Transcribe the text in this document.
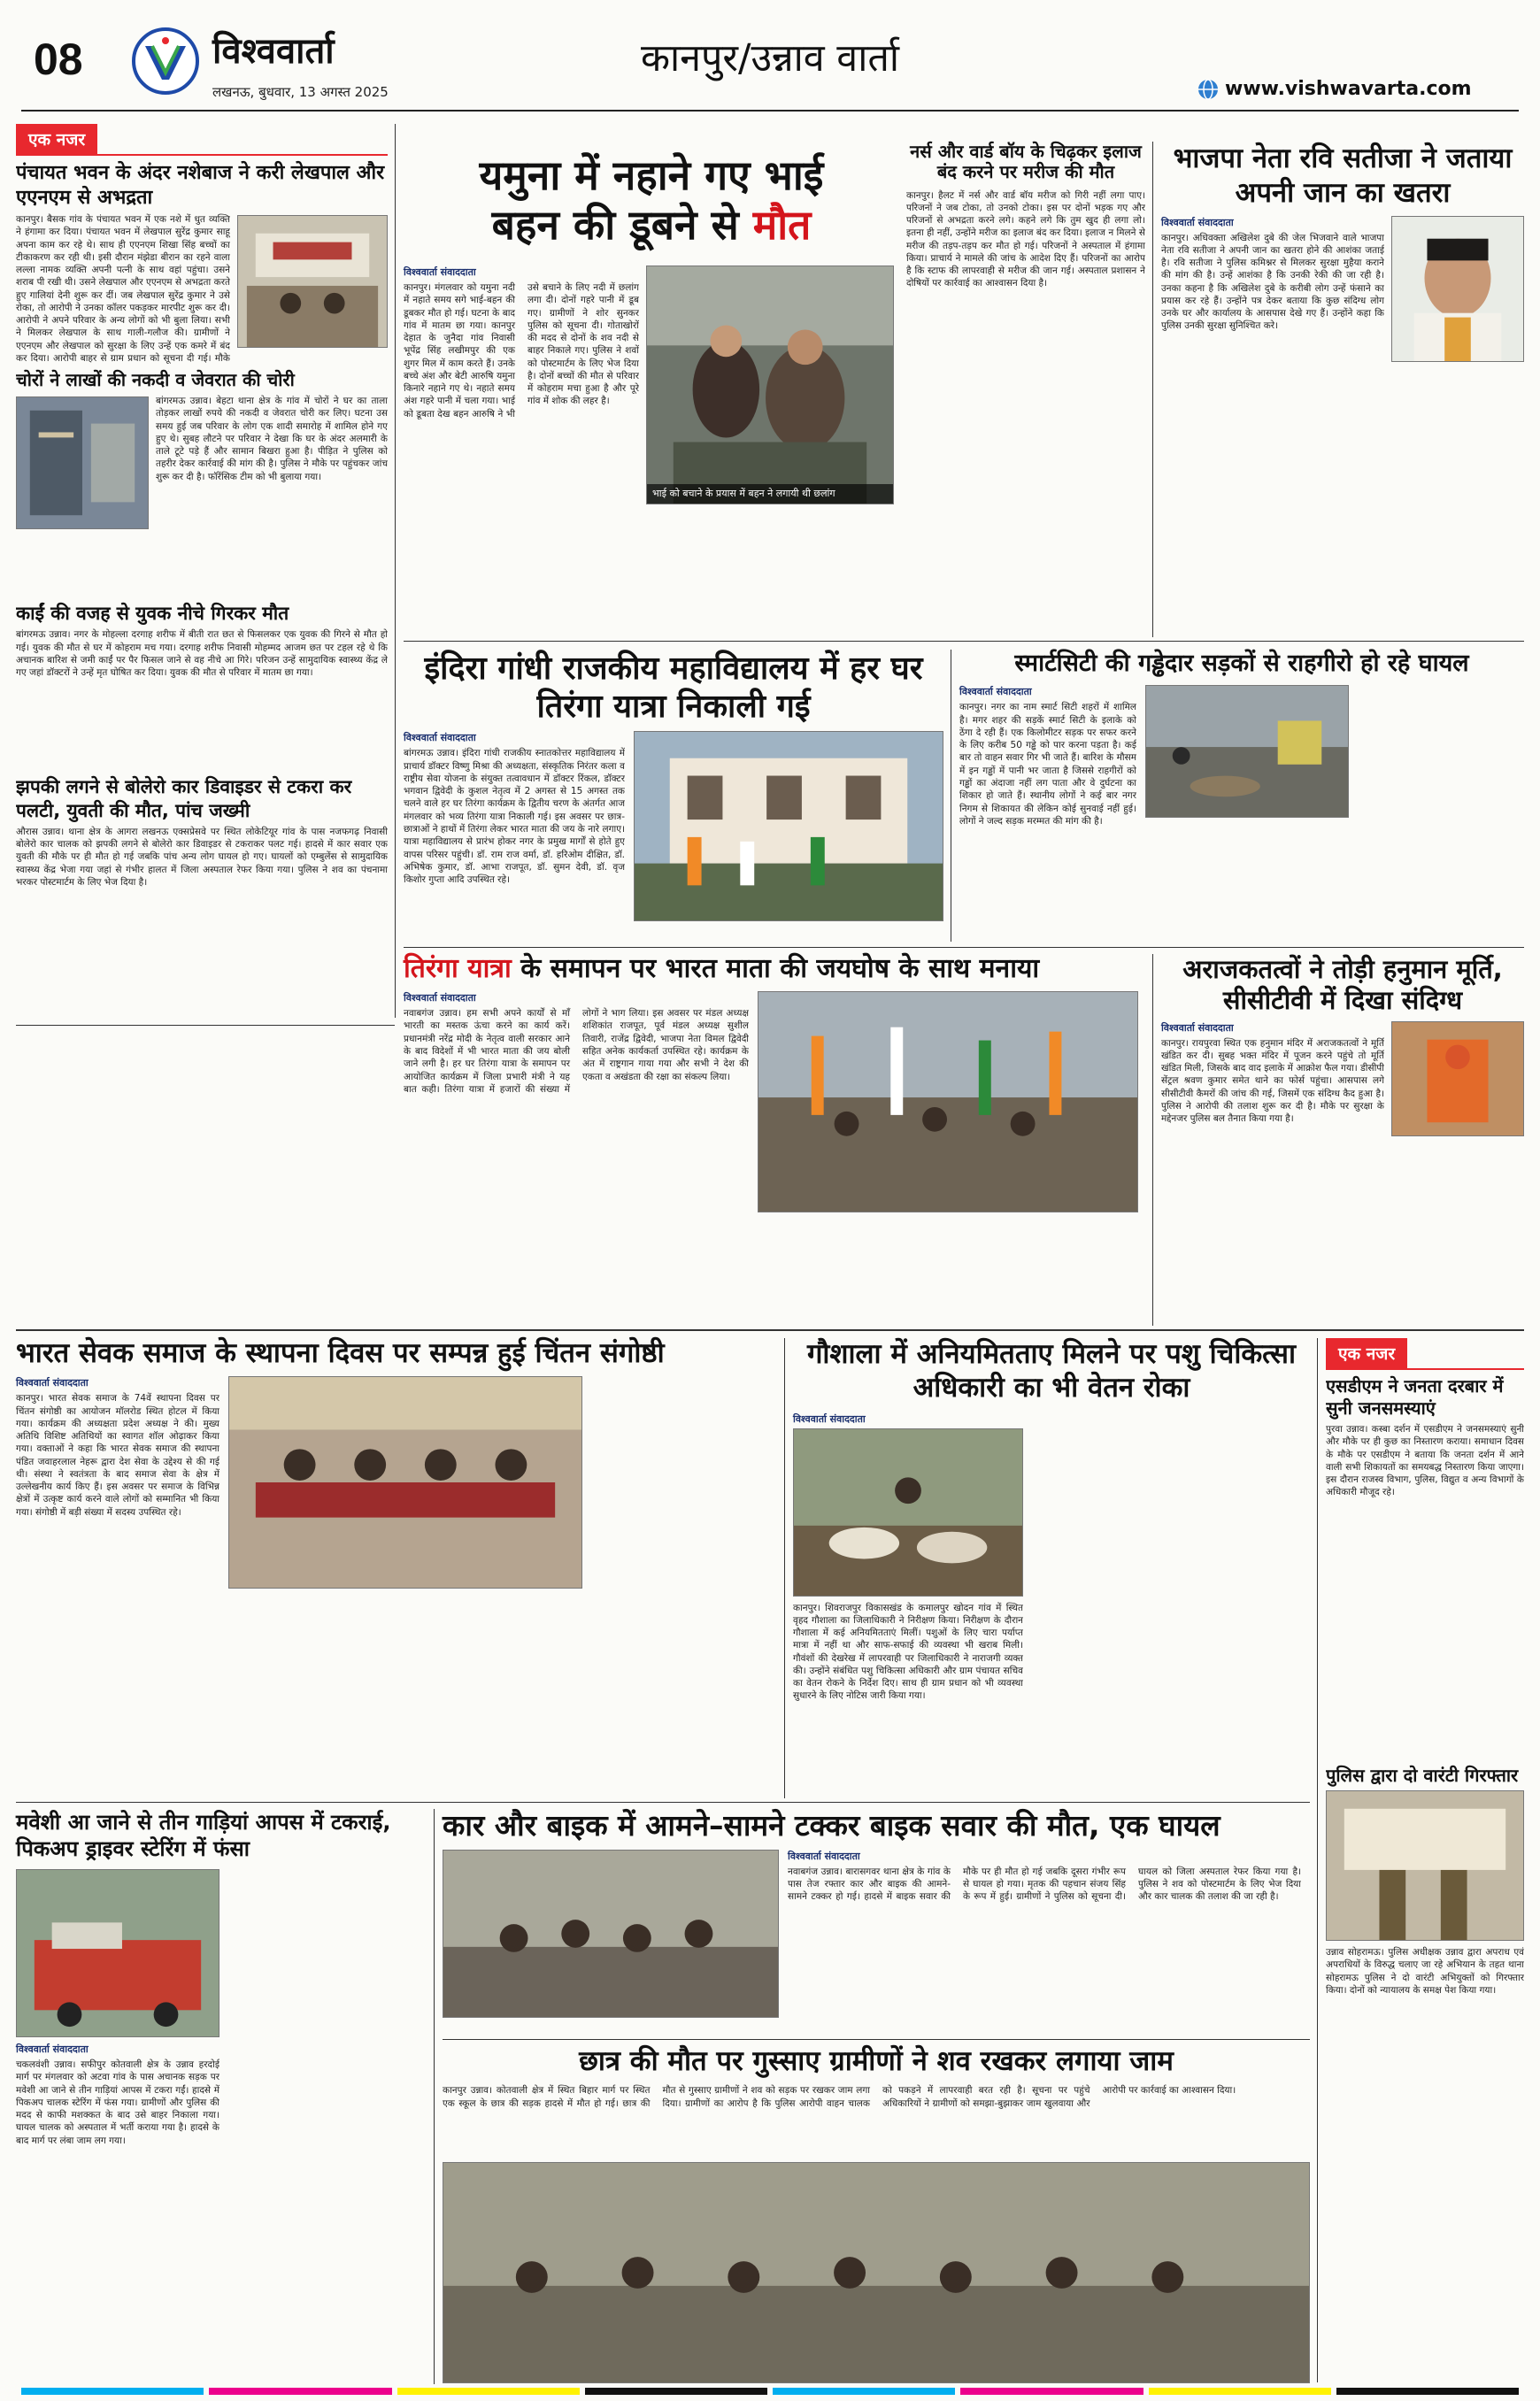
08	विश्ववार्ता
लखनऊ, बुधवार, 13 अगस्त 2025
कानपुर/उन्नाव वार्ता
www.vishwavarta.com
एक नजर
पंचायत भवन के अंदर नशेबाज ने करी लेखपाल और एएनएम से अभद्रता
कानपुर। बैसक गांव के पंचायत भवन में एक नशे में धुत व्यक्ति ने हंगामा कर दिया। पंचायत भवन में लेखपाल सुरेंद्र कुमार साहू अपना काम कर रहे थे। साथ ही एएनएम शिखा सिंह बच्चों का टीकाकरण कर रही थी। इसी दौरान मंझेडा बीरान का रहने वाला लल्ला नामक व्यक्ति अपनी पत्नी के साथ वहां पहुंचा। उसने शराब पी रखी थी। उसने लेखपाल और एएनएम से अभद्रता करते हुए गालियां देनी शुरू कर दीं। जब लेखपाल सुरेंद्र कुमार ने उसे रोका, तो आरोपी ने उनका कॉलर पकड़कर मारपीट शुरू कर दी। आरोपी ने अपने परिवार के अन्य लोगों को भी बुला लिया। सभी ने मिलकर लेखपाल के साथ गाली-गलौज की। ग्रामीणों ने एएनएम और लेखपाल को सुरक्षा के लिए उन्हें एक कमरे में बंद कर दिया। आरोपी बाहर से ग्राम प्रधान को सूचना दी गई। मौके
चोरों ने लाखों की नकदी व जेवरात की चोरी
बांगरमऊ उन्नाव। बेहटा थाना क्षेत्र के गांव में चोरों ने घर का ताला तोड़कर लाखों रुपये की नकदी व जेवरात चोरी कर लिए। घटना उस समय हुई जब परिवार के लोग एक शादी समारोह में शामिल होने गए हुए थे। सुबह लौटने पर परिवार ने देखा कि घर के अंदर अलमारी के ताले टूटे पड़े हैं और सामान बिखरा हुआ है। पीड़ित ने पुलिस को तहरीर देकर कार्रवाई की मांग की है। पुलिस ने मौके पर पहुंचकर जांच शुरू कर दी है। फॉरेंसिक टीम को भी बुलाया गया।
काईं की वजह से युवक नीचे गिरकर मौत
बांगरमऊ उन्नाव। नगर के मोहल्ला दरगाह शरीफ में बीती रात छत से फिसलकर एक युवक की गिरने से मौत हो गई। युवक की मौत से घर में कोहराम मच गया। दरगाह शरीफ निवासी मोहम्मद आजम छत पर टहल रहे थे कि अचानक बारिश से जमी काईं पर पैर फिसल जाने से वह नीचे आ गिरे। परिजन उन्हें सामुदायिक स्वास्थ्य केंद्र ले गए जहां डॉक्टरों ने उन्हें मृत घोषित कर दिया। युवक की मौत से परिवार में मातम छा गया।
झपकी लगने से बोलेरो कार डिवाइडर से टकरा कर पलटी, युवती की मौत, पांच जख्मी
औरास उन्नाव। थाना क्षेत्र के आगरा लखनऊ एक्सप्रेसवे पर स्थित लोकेटियूर गांव के पास नजफगढ़ निवासी बोलेरो कार चालक को झपकी लगने से बोलेरो कार डिवाइडर से टकराकर पलट गई। हादसे में कार सवार एक युवती की मौके पर ही मौत हो गई जबकि पांच अन्य लोग घायल हो गए। घायलों को एम्बुलेंस से सामुदायिक स्वास्थ्य केंद्र भेजा गया जहां से गंभीर हालत में जिला अस्पताल रेफर किया गया। पुलिस ने शव का पंचनामा भरकर पोस्टमार्टम के लिए भेज दिया है।
यमुना में नहाने गए भाई
बहन की डूबने से मौत
भाई को बचाने के प्रयास में बहन ने लगायी थी छलांग
विश्ववार्ता संवाददाता
कानपुर। मंगलवार को यमुना नदी में नहाते समय सगे भाई-बहन की डूबकर मौत हो गई। घटना के बाद गांव में मातम छा गया। कानपुर देहात के जुनैदा गांव निवासी भूपेंद्र सिंह लखीमपुर की एक शुगर मिल में काम करते हैं। उनके बच्चे अंश और बेटी आरुषि यमुना किनारे नहाने गए थे। नहाते समय अंश गहरे पानी में चला गया। भाई को डूबता देख बहन आरुषि ने भी उसे बचाने के लिए नदी में छलांग लगा दी। दोनों गहरे पानी में डूब गए। ग्रामीणों ने शोर सुनकर पुलिस को सूचना दी। गोताखोरों की मदद से दोनों के शव नदी से बाहर निकाले गए। पुलिस ने शवों को पोस्टमार्टम के लिए भेज दिया है। दोनों बच्चों की मौत से परिवार में कोहराम मचा हुआ है और पूरे गांव में शोक की लहर है।
नर्स और वार्ड बॉय के चिढ़कर इलाज बंद करने पर मरीज की मौत
कानपुर। हैलट में नर्स और वार्ड बॉय मरीज को गिरी नहीं लगा पाए। परिजनों ने जब टोका, तो उनको टोका। इस पर दोनों भड़क गए और परिजनों से अभद्रता करने लगे। कहने लगे कि तुम खुद ही लगा लो। इतना ही नहीं, उन्होंने मरीज का इलाज बंद कर दिया। इलाज न मिलने से मरीज की तड़प-तड़प कर मौत हो गई। परिजनों ने अस्पताल में हंगामा किया। प्राचार्य ने मामले की जांच के आदेश दिए हैं। परिजनों का आरोप है कि स्टाफ की लापरवाही से मरीज की जान गई। अस्पताल प्रशासन ने दोषियों पर कार्रवाई का आश्वासन दिया है।
भाजपा नेता रवि सतीजा ने जताया अपनी जान का खतरा
विश्ववार्ता संवाददाता
कानपुर। अधिवक्ता अखिलेश दुबे की जेल भिजवाने वाले भाजपा नेता रवि सतीजा ने अपनी जान का खतरा होने की आशंका जताई है। रवि सतीजा ने पुलिस कमिश्नर से मिलकर सुरक्षा मुहैया कराने की मांग की है। उन्हें आशंका है कि उनकी रेकी की जा रही है। उनका कहना है कि अखिलेश दुबे के करीबी लोग उन्हें फंसाने का प्रयास कर रहे हैं। उन्होंने पत्र देकर बताया कि कुछ संदिग्ध लोग उनके घर और कार्यालय के आसपास देखे गए हैं। उन्होंने कहा कि पुलिस उनकी सुरक्षा सुनिश्चित करे।
इंदिरा गांधी राजकीय महाविद्यालय में हर घर तिरंगा यात्रा निकाली गई
विश्ववार्ता संवाददाता
बांगरमऊ उन्नाव। इंदिरा गांधी राजकीय स्नातकोत्तर महाविद्यालय में प्राचार्य डॉक्टर विष्णु मिश्रा की अध्यक्षता, संस्कृतिक निरंतर कला व राष्ट्रीय सेवा योजना के संयुक्त तत्वावधान में डॉक्टर रिंकल, डॉक्टर भगवान द्विवेदी के कुशल नेतृत्व में 2 अगस्त से 15 अगस्त तक चलने वाले हर घर तिरंगा कार्यक्रम के द्वितीय चरण के अंतर्गत आज मंगलवार को भव्य तिरंगा यात्रा निकाली गई। इस अवसर पर छात्र-छात्राओं ने हाथों में तिरंगा लेकर भारत माता की जय के नारे लगाए। यात्रा महाविद्यालय से प्रारंभ होकर नगर के प्रमुख मार्गों से होते हुए वापस परिसर पहुंची। डॉ. राम राज वर्मा, डॉ. हरिओम दीक्षित, डॉ. अभिषेक कुमार, डॉ. आभा राजपूत, डॉ. सुमन देवी, डॉ. वृज किशोर गुप्ता आदि उपस्थित रहे।
स्मार्टसिटी की गड्ढेदार सड़कों से राहगीरो हो रहे घायल
विश्ववार्ता संवाददाता
कानपुर। नगर का नाम स्मार्ट सिटी शहरों में शामिल है। मगर शहर की सड़कें स्मार्ट सिटी के इलाके को ठेंगा दे रही हैं। एक किलोमीटर सड़क पर सफर करने के लिए करीब 50 गड्ढे को पार करना पड़ता है। कई बार तो वाहन सवार गिर भी जाते हैं। बारिश के मौसम में इन गड्ढों में पानी भर जाता है जिससे राहगीरों को गड्ढों का अंदाजा नहीं लग पाता और वे दुर्घटना का शिकार हो जाते हैं। स्थानीय लोगों ने कई बार नगर निगम से शिकायत की लेकिन कोई सुनवाई नहीं हुई। लोगों ने जल्द सड़क मरम्मत की मांग की है।
तिरंगा यात्रा के समापन पर भारत माता की जयघोष के साथ मनाया
विश्ववार्ता संवाददाता
नवाबगंज उन्नाव। हम सभी अपने कार्यों से माँ भारती का मस्तक ऊंचा करने का कार्य करें। प्रधानमंत्री नरेंद्र मोदी के नेतृत्व वाली सरकार आने के बाद विदेशों में भी भारत माता की जय बोली जाने लगी है। हर घर तिरंगा यात्रा के समापन पर आयोजित कार्यक्रम में जिला प्रभारी मंत्री ने यह बात कही। तिरंगा यात्रा में हजारों की संख्या में लोगों ने भाग लिया। इस अवसर पर मंडल अध्यक्ष शशिकांत राजपूत, पूर्व मंडल अध्यक्ष सुशील तिवारी, राजेंद्र द्विवेदी, भाजपा नेता विमल द्विवेदी सहित अनेक कार्यकर्ता उपस्थित रहे। कार्यक्रम के अंत में राष्ट्रगान गाया गया और सभी ने देश की एकता व अखंडता की रक्षा का संकल्प लिया।
अराजकतत्वों ने तोड़ी हनुमान मूर्ति, सीसीटीवी में दिखा संदिग्ध
विश्ववार्ता संवाददाता
कानपुर। रायपुरवा स्थित एक हनुमान मंदिर में अराजकतत्वों ने मूर्ति खंडित कर दी। सुबह भक्त मंदिर में पूजन करने पहुंचे तो मूर्ति खंडित मिली, जिसके बाद वाद इलाके में आक्रोश फैल गया। डीसीपी सेंट्रल श्रवण कुमार समेत थाने का फोर्स पहुंचा। आसपास लगे सीसीटीवी कैमरों की जांच की गई, जिसमें एक संदिग्ध कैद हुआ है। पुलिस ने आरोपी की तलाश शुरू कर दी है। मौके पर सुरक्षा के मद्देनजर पुलिस बल तैनात किया गया है।
भारत सेवक समाज के स्थापना दिवस पर सम्पन्न हुई चिंतन संगोष्ठी
विश्ववार्ता संवाददाता
कानपुर। भारत सेवक समाज के 74वें स्थापना दिवस पर चिंतन संगोष्ठी का आयोजन मॉलरोड स्थित होटल में किया गया। कार्यक्रम की अध्यक्षता प्रदेश अध्यक्ष ने की। मुख्य अतिथि विशिष्ट अतिथियों का स्वागत शॉल ओढ़ाकर किया गया। वक्ताओं ने कहा कि भारत सेवक समाज की स्थापना पंडित जवाहरलाल नेहरू द्वारा देश सेवा के उद्देश्य से की गई थी। संस्था ने स्वतंत्रता के बाद समाज सेवा के क्षेत्र में उल्लेखनीय कार्य किए हैं। इस अवसर पर समाज के विभिन्न क्षेत्रों में उत्कृष्ट कार्य करने वाले लोगों को सम्मानित भी किया गया। संगोष्ठी में बड़ी संख्या में सदस्य उपस्थित रहे।
गौशाला में अनियमितताए मिलने पर पशु चिकित्सा अधिकारी का भी वेतन रोका
विश्ववार्ता संवाददाता
कानपुर। शिवराजपुर विकासखंड के कमालपुर खोदन गांव में स्थित वृहद गौशाला का जिलाधिकारी ने निरीक्षण किया। निरीक्षण के दौरान गौशाला में कई अनियमितताएं मिलीं। पशुओं के लिए चारा पर्याप्त मात्रा में नहीं था और साफ-सफाई की व्यवस्था भी खराब मिली। गौवंशों की देखरेख में लापरवाही पर जिलाधिकारी ने नाराजगी व्यक्त की। उन्होंने संबंधित पशु चिकित्सा अधिकारी और ग्राम पंचायत सचिव का वेतन रोकने के निर्देश दिए। साथ ही ग्राम प्रधान को भी व्यवस्था सुधारने के लिए नोटिस जारी किया गया।
एक नजर
एसडीएम ने जनता दरबार में सुनी जनसमस्याएं
पुरवा उन्नाव। कस्बा दर्शन में एसडीएम ने जनसमस्याएं सुनी और मौके पर ही कुछ का निस्तारण कराया। समाधान दिवस के मौके पर एसडीएम ने बताया कि जनता दर्शन में आने वाली सभी शिकायतों का समयबद्ध निस्तारण किया जाएगा। इस दौरान राजस्व विभाग, पुलिस, विद्युत व अन्य विभागों के अधिकारी मौजूद रहे।
पुलिस द्वारा दो वारंटी गिरफ्तार
उन्नाव सोहरामऊ। पुलिस अधीक्षक उन्नाव द्वारा अपराध एवं अपराधियों के विरुद्ध चलाए जा रहे अभियान के तहत थाना सोहरामऊ पुलिस ने दो वारंटी अभियुक्तों को गिरफ्तार किया। दोनों को न्यायालय के समक्ष पेश किया गया।
मवेशी आ जाने से तीन गाड़ियां आपस में टकराई, पिकअप ड्राइवर स्टेरिंग में फंसा
विश्ववार्ता संवाददाता
चकलवंशी उन्नाव। सफीपुर कोतवाली क्षेत्र के उन्नाव हरदोई मार्ग पर मंगलवार को अटवा गांव के पास अचानक सड़क पर मवेशी आ जाने से तीन गाड़ियां आपस में टकरा गईं। हादसे में पिकअप चालक स्टेरिंग में फंस गया। ग्रामीणों और पुलिस की मदद से काफी मशक्कत के बाद उसे बाहर निकाला गया। घायल चालक को अस्पताल में भर्ती कराया गया है। हादसे के बाद मार्ग पर लंबा जाम लग गया।
कार और बाइक में आमने–सामने टक्कर बाइक सवार की मौत, एक घायल
विश्ववार्ता संवाददाता
नवाबगंज उन्नाव। बारासगवर थाना क्षेत्र के गांव के पास तेज रफ्तार कार और बाइक की आमने-सामने टक्कर हो गई। हादसे में बाइक सवार की मौके पर ही मौत हो गई जबकि दूसरा गंभीर रूप से घायल हो गया। मृतक की पहचान संजय सिंह के रूप में हुई। ग्रामीणों ने पुलिस को सूचना दी। घायल को जिला अस्पताल रेफर किया गया है। पुलिस ने शव को पोस्टमार्टम के लिए भेज दिया और कार चालक की तलाश की जा रही है।
छात्र की मौत पर गुस्साए ग्रामीणों ने शव रखकर लगाया जाम
कानपुर उन्नाव। कोतवाली क्षेत्र में स्थित बिहार मार्ग पर स्थित एक स्कूल के छात्र की सड़क हादसे में मौत हो गई। छात्र की मौत से गुस्साए ग्रामीणों ने शव को सड़क पर रखकर जाम लगा दिया। ग्रामीणों का आरोप है कि पुलिस आरोपी वाहन चालक को पकड़ने में लापरवाही बरत रही है। सूचना पर पहुंचे अधिकारियों ने ग्रामीणों को समझा-बुझाकर जाम खुलवाया और आरोपी पर कार्रवाई का आश्वासन दिया।
